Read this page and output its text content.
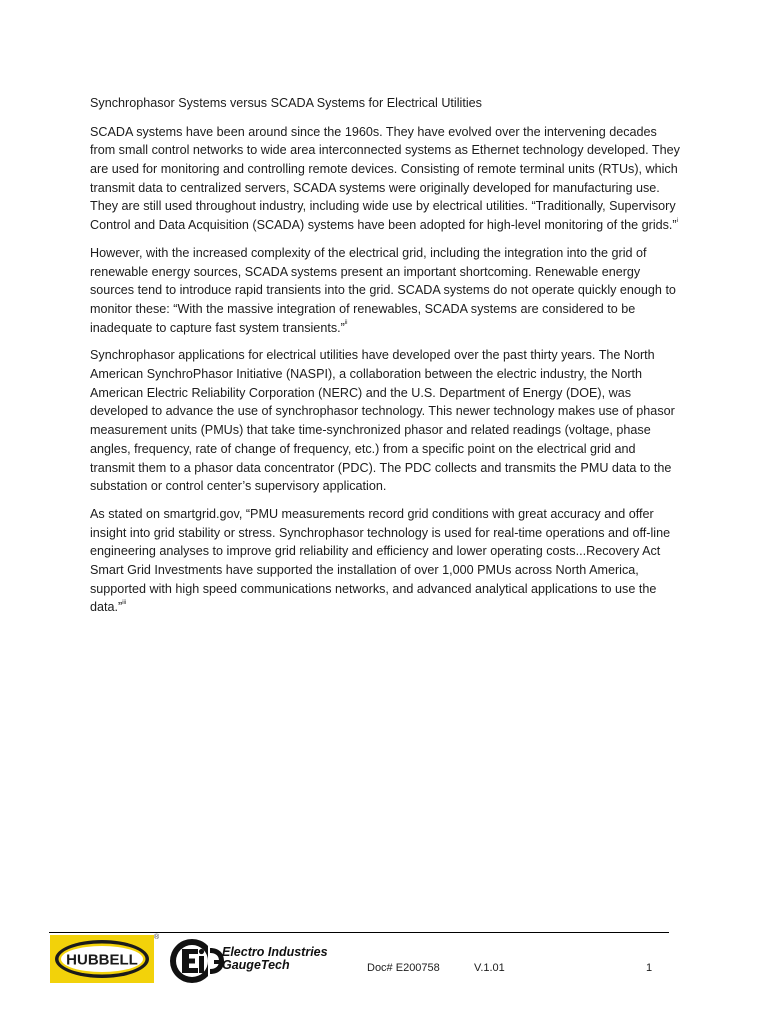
Synchrophasor Systems versus SCADA Systems for Electrical Utilities

SCADA systems have been around since the 1960s. They have evolved over the intervening decades from small control networks to wide area interconnected systems as Ethernet technology developed. They are used for monitoring and controlling remote devices. Consisting of remote terminal units (RTUs), which transmit data to centralized servers, SCADA systems were originally developed for manufacturing use. They are still used throughout industry, including wide use by electrical utilities. “Traditionally, Supervisory Control and Data Acquisition (SCADA) systems have been adopted for high-level monitoring of the grids.”$^i$

However, with the increased complexity of the electrical grid, including the integration into the grid of renewable energy sources, SCADA systems present an important shortcoming. Renewable energy sources tend to introduce rapid transients into the grid. SCADA systems do not operate quickly enough to monitor these: “With the massive integration of renewables, SCADA systems are considered to be inadequate to capture fast system transients.”$^{ii}$

Synchrophasor applications for electrical utilities have developed over the past thirty years. The North American SynchroPhasor Initiative (NASPI), a collaboration between the electric industry, the North American Electric Reliability Corporation (NERC) and the U.S. Department of Energy (DOE), was developed to advance the use of synchrophasor technology. This newer technology makes use of phasor measurement units (PMUs) that take time-synchronized phasor and related readings (voltage, phase angles, frequency, rate of change of frequency, etc.) from a specific point on the electrical grid and transmit them to a phasor data concentrator (PDC). The PDC collects and transmits the PMU data to the substation or control center’s supervisory application.

As stated on smartgrid.gov, “PMU measurements record grid conditions with great accuracy and offer insight into grid stability or stress. Synchrophasor technology is used for real-time operations and off-line engineering analyses to improve grid reliability and efficiency and lower operating costs...Recovery Act Smart Grid Investments have supported the installation of over 1,000 PMUs across North America, supported with high speed communications networks, and advanced analytical applications to use the data.”$^{iii}$

HUBBELL
®
Electro Industries
GaugeTech	Doc# E200758	V.1.01	1
